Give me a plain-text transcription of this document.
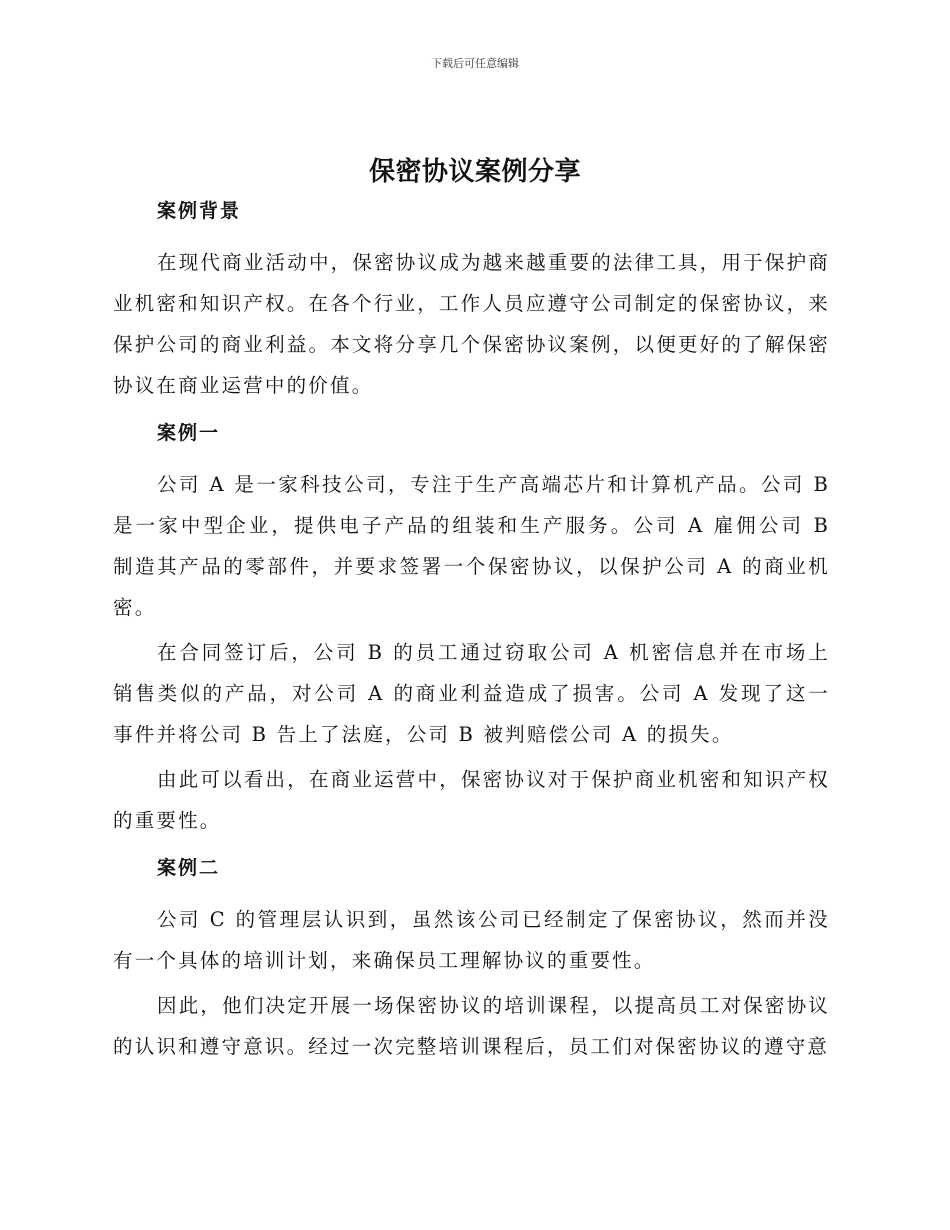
下载后可任意编辑
保密协议案例分享
案例背景

在现代商业活动中，保密协议成为越来越重要的法律工具，用于保护商业机密和知识产权。在各个行业，工作人员应遵守公司制定的保密协议，来保护公司的商业利益。本文将分享几个保密协议案例，以便更好的了解保密协议在商业运营中的价值。

案例一

公司 A 是一家科技公司，专注于生产高端芯片和计算机产品。公司 B 是一家中型企业，提供电子产品的组装和生产服务。公司 A 雇佣公司 B 制造其产品的零部件，并要求签署一个保密协议，以保护公司 A 的商业机密。

在合同签订后，公司 B 的员工通过窃取公司 A 机密信息并在市场上销售类似的产品，对公司 A 的商业利益造成了损害。公司 A 发现了这一事件并将公司 B 告上了法庭，公司 B 被判赔偿公司 A 的损失。

由此可以看出，在商业运营中，保密协议对于保护商业机密和知识产权的重要性。

案例二

公司 C 的管理层认识到，虽然该公司已经制定了保密协议，然而并没有一个具体的培训计划，来确保员工理解协议的重要性。

因此，他们决定开展一场保密协议的培训课程，以提高员工对保密协议的认识和遵守意识。经过一次完整培训课程后，员工们对保密协议的遵守意
